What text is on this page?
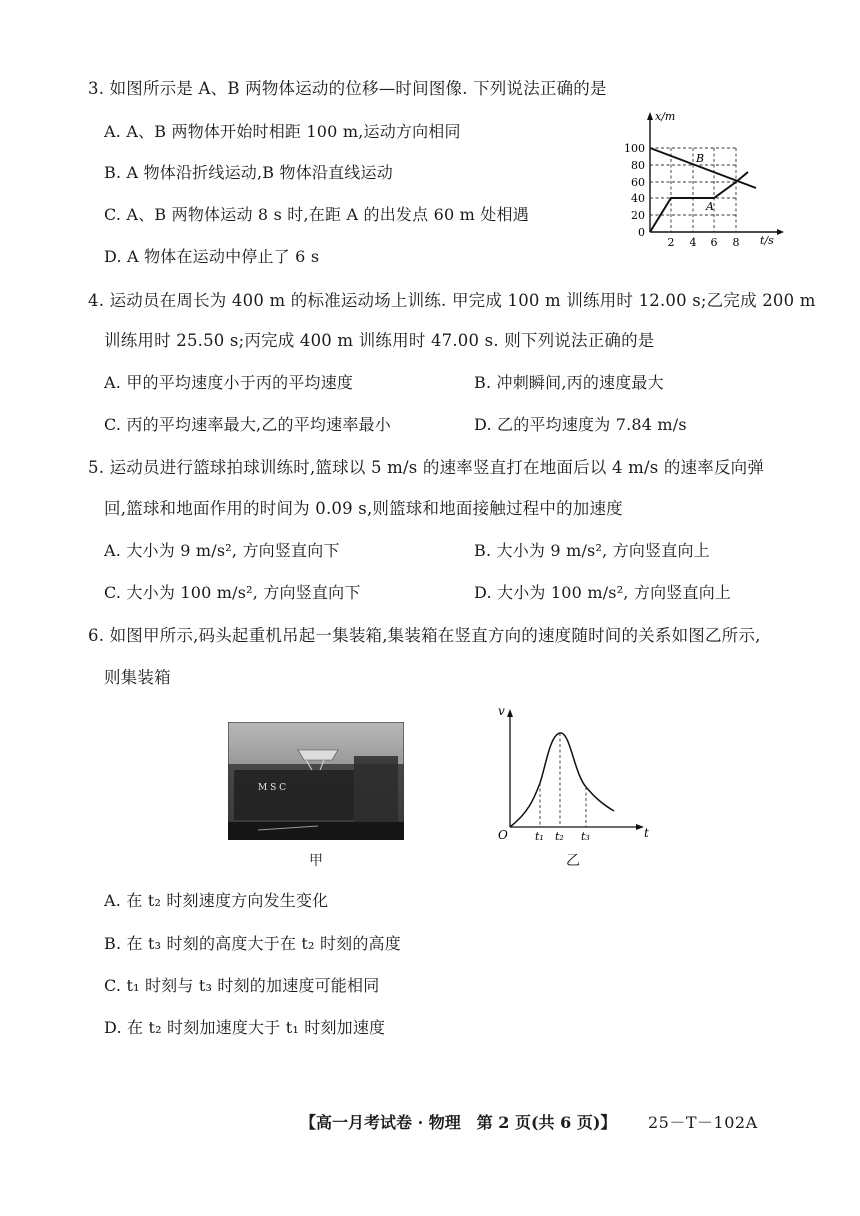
3. 如图所示是 A、B 两物体运动的位移—时间图像. 下列说法正确的是
A. A、B 两物体开始时相距 100 m,运动方向相同
B. A 物体沿折线运动,B 物体沿直线运动
C. A、B 两物体运动 8 s 时,在距 A 的出发点 60 m 处相遇
D. A 物体在运动中停止了 6 s
x/m
t/s
100
80
60
40
20
0
2 4 6 8
B
A
4. 运动员在周长为 400 m 的标准运动场上训练. 甲完成 100 m 训练用时 12.00 s;乙完成 200 m
训练用时 25.50 s;丙完成 400 m 训练用时 47.00 s. 则下列说法正确的是
A. 甲的平均速度小于丙的平均速度	B. 冲刺瞬间,丙的速度最大
C. 丙的平均速率最大,乙的平均速率最小	D. 乙的平均速度为 7.84 m/s
5. 运动员进行篮球拍球训练时,篮球以 5 m/s 的速率竖直打在地面后以 4 m/s 的速率反向弹
回,篮球和地面作用的时间为 0.09 s,则篮球和地面接触过程中的加速度
A. 大小为 9 m/s², 方向竖直向下	B. 大小为 9 m/s², 方向竖直向上
C. 大小为 100 m/s², 方向竖直向下	D. 大小为 100 m/s², 方向竖直向上
6. 如图甲所示,码头起重机吊起一集装箱,集装箱在竖直方向的速度随时间的关系如图乙所示,
则集装箱
M S C
甲
v
t
O t₁ t₂ t₃
乙
A. 在 t₂ 时刻速度方向发生变化
B. 在 t₃ 时刻的高度大于在 t₂ 时刻的高度
C. t₁ 时刻与 t₃ 时刻的加速度可能相同
D. 在 t₂ 时刻加速度大于 t₁ 时刻加速度
【高一月考试卷 · 物理　第 2 页(共 6 页)】 25－T－102A
